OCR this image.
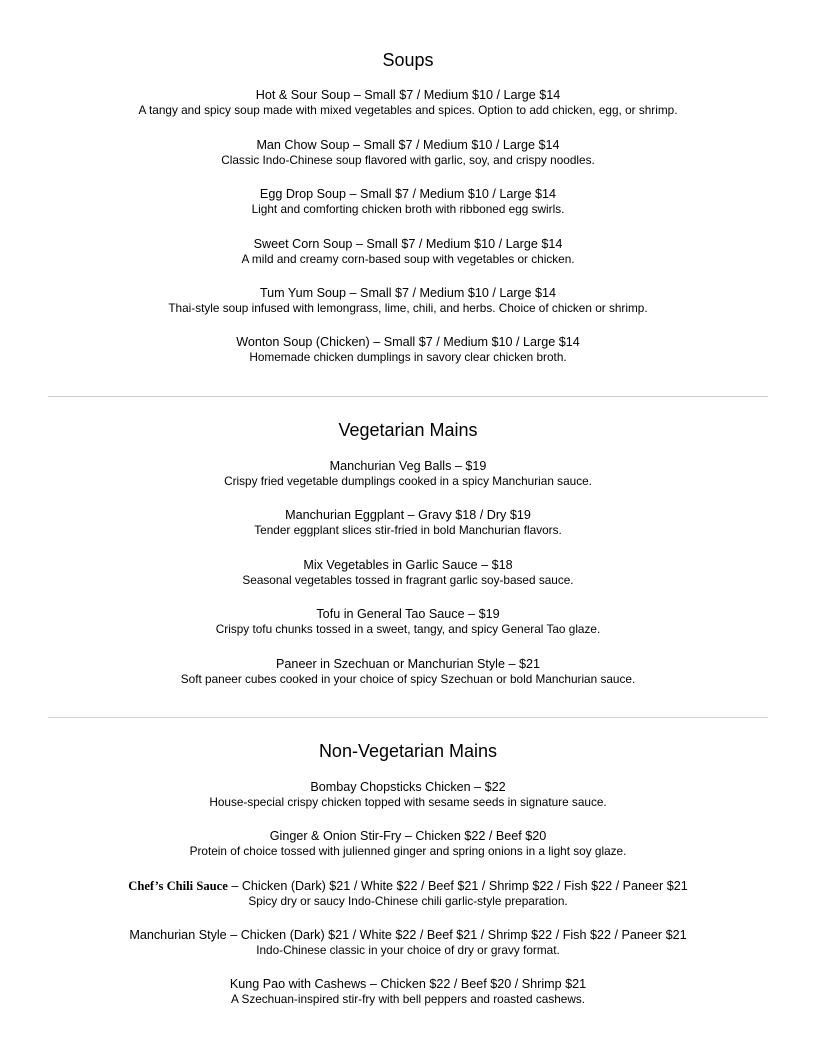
Soups
Hot & Sour Soup – Small $7 / Medium $10 / Large $14
A tangy and spicy soup made with mixed vegetables and spices. Option to add chicken, egg, or shrimp.
Man Chow Soup – Small $7 / Medium $10 / Large $14
Classic Indo-Chinese soup flavored with garlic, soy, and crispy noodles.
Egg Drop Soup – Small $7 / Medium $10 / Large $14
Light and comforting chicken broth with ribboned egg swirls.
Sweet Corn Soup – Small $7 / Medium $10 / Large $14
A mild and creamy corn-based soup with vegetables or chicken.
Tum Yum Soup – Small $7 / Medium $10 / Large $14
Thai-style soup infused with lemongrass, lime, chili, and herbs. Choice of chicken or shrimp.
Wonton Soup (Chicken) – Small $7 / Medium $10 / Large $14
Homemade chicken dumplings in savory clear chicken broth.
Vegetarian Mains
Manchurian Veg Balls – $19
Crispy fried vegetable dumplings cooked in a spicy Manchurian sauce.
Manchurian Eggplant – Gravy $18 / Dry $19
Tender eggplant slices stir-fried in bold Manchurian flavors.
Mix Vegetables in Garlic Sauce – $18
Seasonal vegetables tossed in fragrant garlic soy-based sauce.
Tofu in General Tao Sauce – $19
Crispy tofu chunks tossed in a sweet, tangy, and spicy General Tao glaze.
Paneer in Szechuan or Manchurian Style – $21
Soft paneer cubes cooked in your choice of spicy Szechuan or bold Manchurian sauce.
Non-Vegetarian Mains
Bombay Chopsticks Chicken – $22
House-special crispy chicken topped with sesame seeds in signature sauce.
Ginger & Onion Stir-Fry – Chicken $22 / Beef $20
Protein of choice tossed with julienned ginger and spring onions in a light soy glaze.
Chef’s Chili Sauce – Chicken (Dark) $21 / White $22 / Beef $21 / Shrimp $22 / Fish $22 / Paneer $21
Spicy dry or saucy Indo-Chinese chili garlic-style preparation.
Manchurian Style – Chicken (Dark) $21 / White $22 / Beef $21 / Shrimp $22 / Fish $22 / Paneer $21
Indo-Chinese classic in your choice of dry or gravy format.
Kung Pao with Cashews – Chicken $22 / Beef $20 / Shrimp $21
A Szechuan-inspired stir-fry with bell peppers and roasted cashews.
